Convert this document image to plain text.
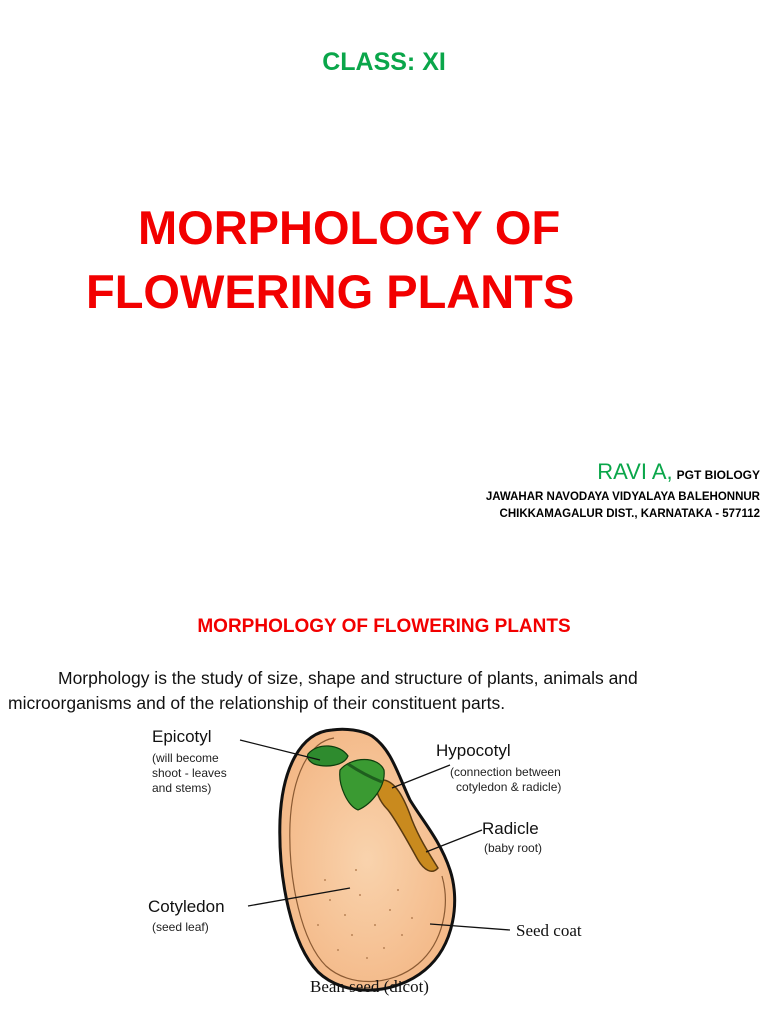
CLASS: XI
MORPHOLOGY OF
FLOWERING PLANTS
RAVI A, PGT BIOLOGY
JAWAHAR NAVODAYA VIDYALAYA BALEHONNUR
CHIKKAMAGALUR DIST., KARNATAKA - 577112
MORPHOLOGY OF FLOWERING PLANTS
Morphology is the study of size, shape and structure of plants, animals and microorganisms and of the relationship of their constituent parts.
Epicotyl
(will become
shoot - leaves
and stems)
Hypocotyl
(connection between
cotyledon & radicle)
Radicle
(baby root)
Cotyledon
(seed leaf)	Seed coat
Bean seed (dicot)
